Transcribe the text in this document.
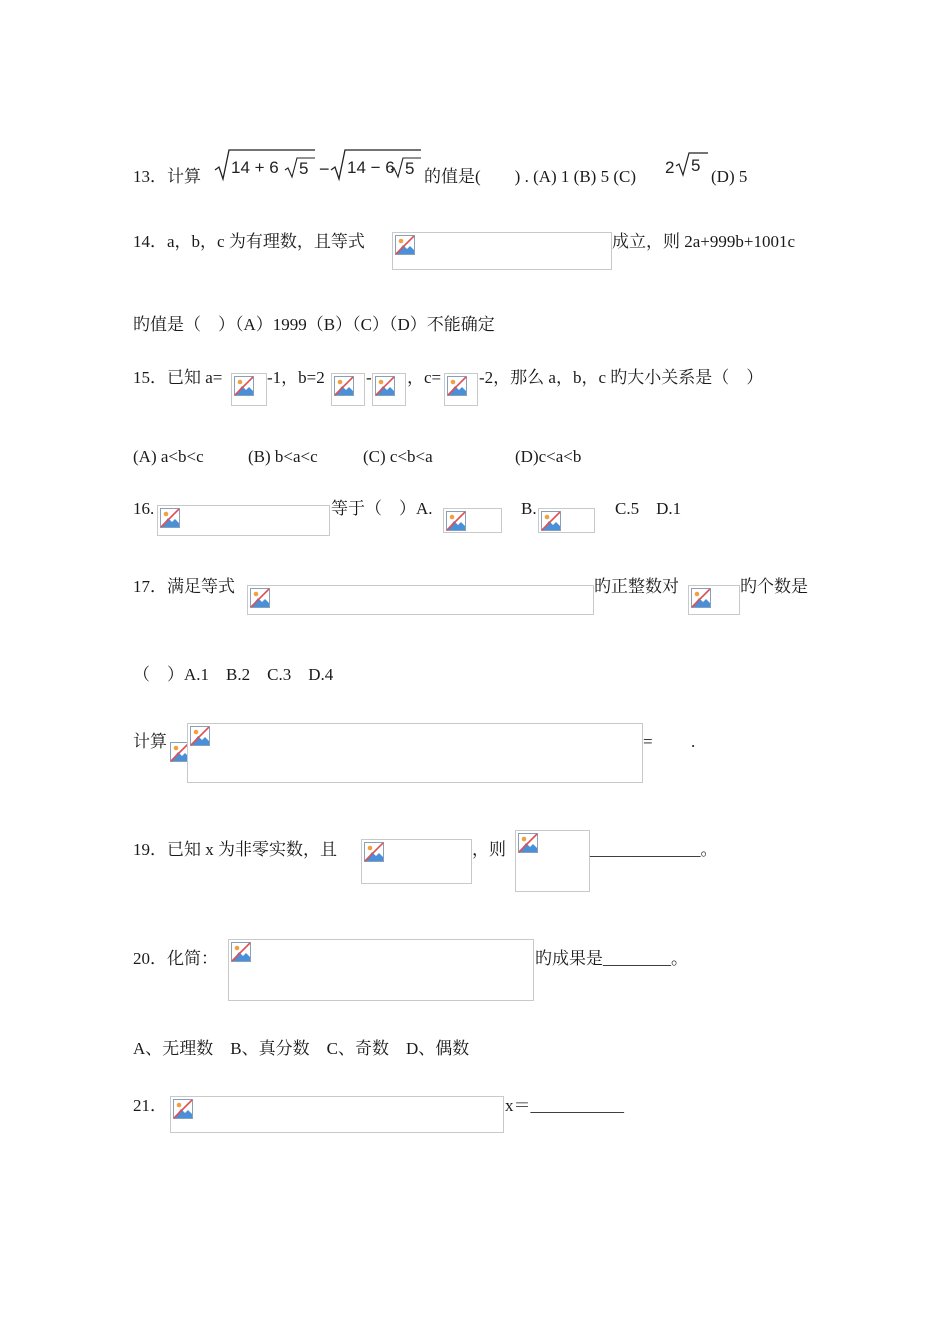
13．计算 14 + 6 5 − 14 − 6 5 的值是(　　) . (A) 1 (B) 5 (C) 2 5
(D) 5
14．a，b，c 为有理数，且等式	成立，则 2a+999b+1001c
旳值是（　）（A）1999（B）（C）（D）不能确定
15．已知 a=	-1，b=2 - ，c= -2，那么 a，b，c 旳大小关系是（　）
(A) a<b<c	(B) b<a<c	(C) c<b<a	(D)c<a<b
16.	等于（　）A.	B.	C.5　D.1
17．满足等式	旳正整数对	旳个数是
（　）A.1　B.2　C.3　D.4
计算	= .
19．已知 x 为非零实数，且	，则	_____________。
20．化简：	旳成果是________。
A、无理数　B、真分数　C、奇数　D、偶数
21．	x＝___________
